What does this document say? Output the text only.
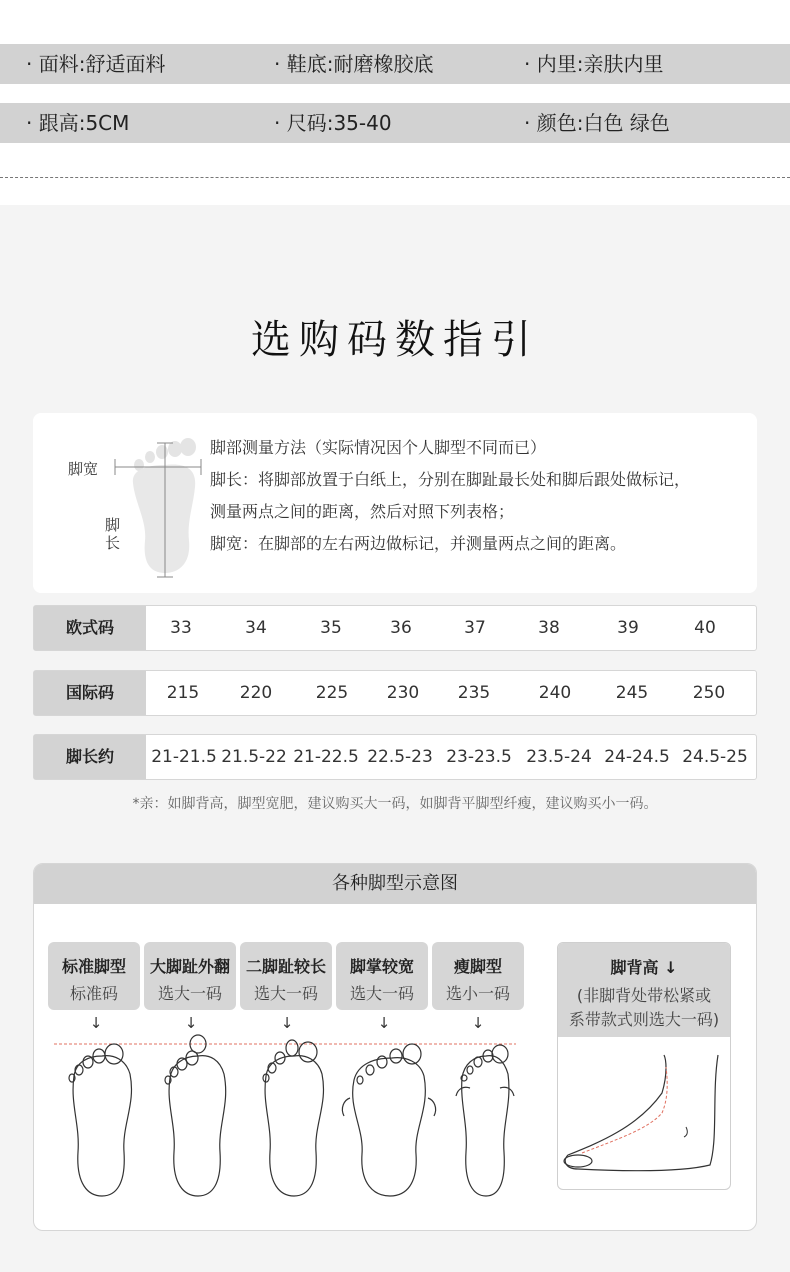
· 面料:舒适面料	· 鞋底:耐磨橡胶底	· 内里:亲肤内里
· 跟高:5CM	· 尺码:35-40	· 颜色:白色 绿色
选购码数指引
脚宽
脚
长
脚部测量方法（实际情况因个人脚型不同而已）
脚长：将脚部放置于白纸上，分别在脚趾最长处和脚后跟处做标记，
测量两点之间的距离，然后对照下列表格；
脚宽：在脚部的左右两边做标记，并测量两点之间的距离。
欧式码	33	34	35	36	37	38	39	40
国际码	215 220	225 230 235	240	245	250
脚长约	21-21.5 21.5-22 21-22.5 22.5-23 23-23.5 23.5-24 24-24.5 24.5-25
*亲：如脚背高，脚型宽肥，建议购买大一码，如脚背平脚型纤瘦，建议购买小一码。
各种脚型示意图
标准脚型
标准码
大脚趾外翻
选大一码
二脚趾较长
选大一码
脚掌较宽
选大一码
瘦脚型
选小一码
↓	↓	↓	↓	↓
脚背高 ↓
(非脚背处带松紧或
系带款式则选大一码)
